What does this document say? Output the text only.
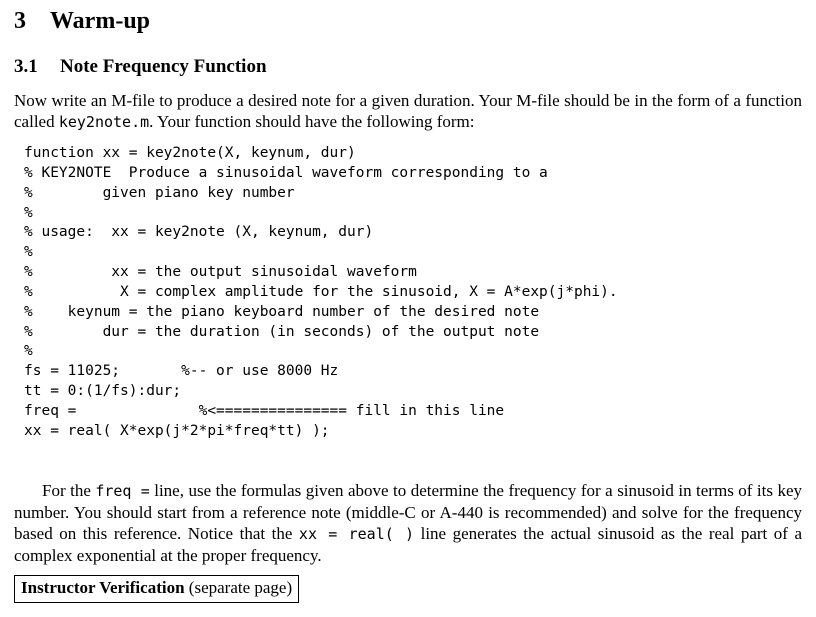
3 Warm-up
3.1 Note Frequency Function
Now write an M-file to produce a desired note for a given duration. Your M-file should be in the form of a function called key2note.m. Your function should have the following form:
function xx = key2note(X, keynum, dur)
% KEY2NOTE  Produce a sinusoidal waveform corresponding to a
%        given piano key number
%
% usage:  xx = key2note (X, keynum, dur)
%
%         xx = the output sinusoidal waveform
%          X = complex amplitude for the sinusoid, X = A*exp(j*phi).
%    keynum = the piano keyboard number of the desired note
%        dur = the duration (in seconds) of the output note
%
fs = 11025;       %-- or use 8000 Hz
tt = 0:(1/fs):dur;
freq =              %<=============== fill in this line
xx = real( X*exp(j*2*pi*freq*tt) );
For the freq = line, use the formulas given above to determine the frequency for a sinusoid in terms of its key number. You should start from a reference note (middle-C or A-440 is recommended) and solve for the frequency based on this reference. Notice that the xx = real( ) line generates the actual sinusoid as the real part of a complex exponential at the proper frequency.
Instructor Verification (separate page)
